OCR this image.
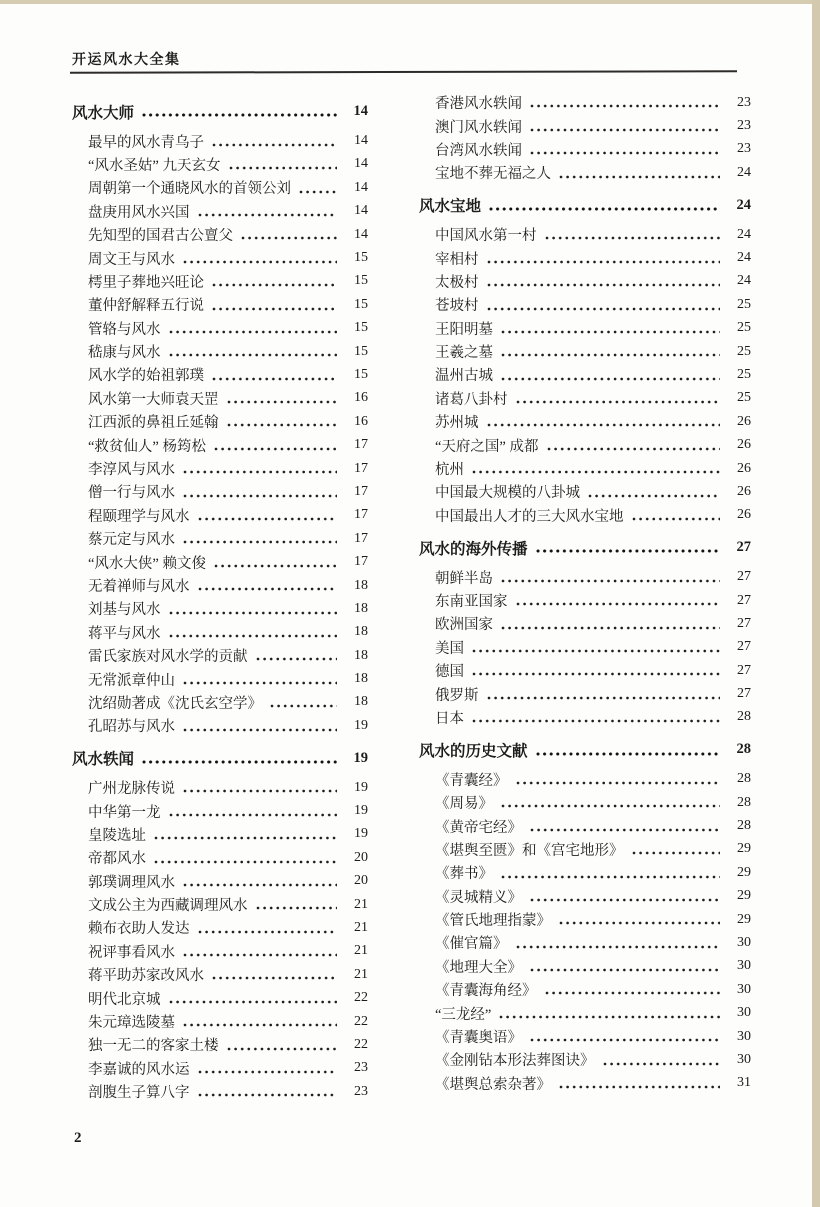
开运风水大全集
风水大师	14
最早的风水青乌子	14
“风水圣姑” 九天玄女	14
周朝第一个通晓风水的首领公刘	14
盘庚用风水兴国	14
先知型的国君古公亶父	14
周文王与风水	15
樗里子葬地兴旺论	15
董仲舒解释五行说	15
管辂与风水	15
嵇康与风水	15
风水学的始祖郭璞	15
风水第一大师袁天罡	16
江西派的鼻祖丘延翰	16
“救贫仙人” 杨筠松	17
李淳风与风水	17
僧一行与风水	17
程颐理学与风水	17
蔡元定与风水	17
“风水大侠” 赖文俊	17
无着禅师与风水	18
刘基与风水	18
蒋平与风水	18
雷氏家族对风水学的贡献	18
无常派章仲山	18
沈绍勋著成《沈氏玄空学》	18
孔昭苏与风水	19
风水轶闻	19
广州龙脉传说	19
中华第一龙	19
皇陵选址	19
帝都风水	20
郭璞调理风水	20
文成公主为西藏调理风水	21
赖布衣助人发达	21
祝评事看风水	21
蒋平助苏家改风水	21
明代北京城	22
朱元璋选陵墓	22
独一无二的客家土楼	22
李嘉诚的风水运	23
剖腹生子算八字	23
香港风水轶闻	23
澳门风水轶闻	23
台湾风水轶闻	23
宝地不葬无福之人	24
风水宝地	24
中国风水第一村	24
宰相村	24
太极村	24
苍坡村	25
王阳明墓	25
王羲之墓	25
温州古城	25
诸葛八卦村	25
苏州城	26
“天府之国” 成都	26
杭州	26
中国最大规模的八卦城	26
中国最出人才的三大风水宝地	26
风水的海外传播	27
朝鲜半岛	27
东南亚国家	27
欧洲国家	27
美国	27
德国	27
俄罗斯	27
日本	28
风水的历史文献	28
《青囊经》	28
《周易》	28
《黄帝宅经》	28
《堪舆至匮》和《宫宅地形》	29
《葬书》	29
《灵城精义》	29
《管氏地理指蒙》	29
《催官篇》	30
《地理大全》	30
《青囊海角经》	30
“三龙经”	30
《青囊奥语》	30
《金刚钻本形法葬图诀》	30
《堪舆总索杂著》	31
2
